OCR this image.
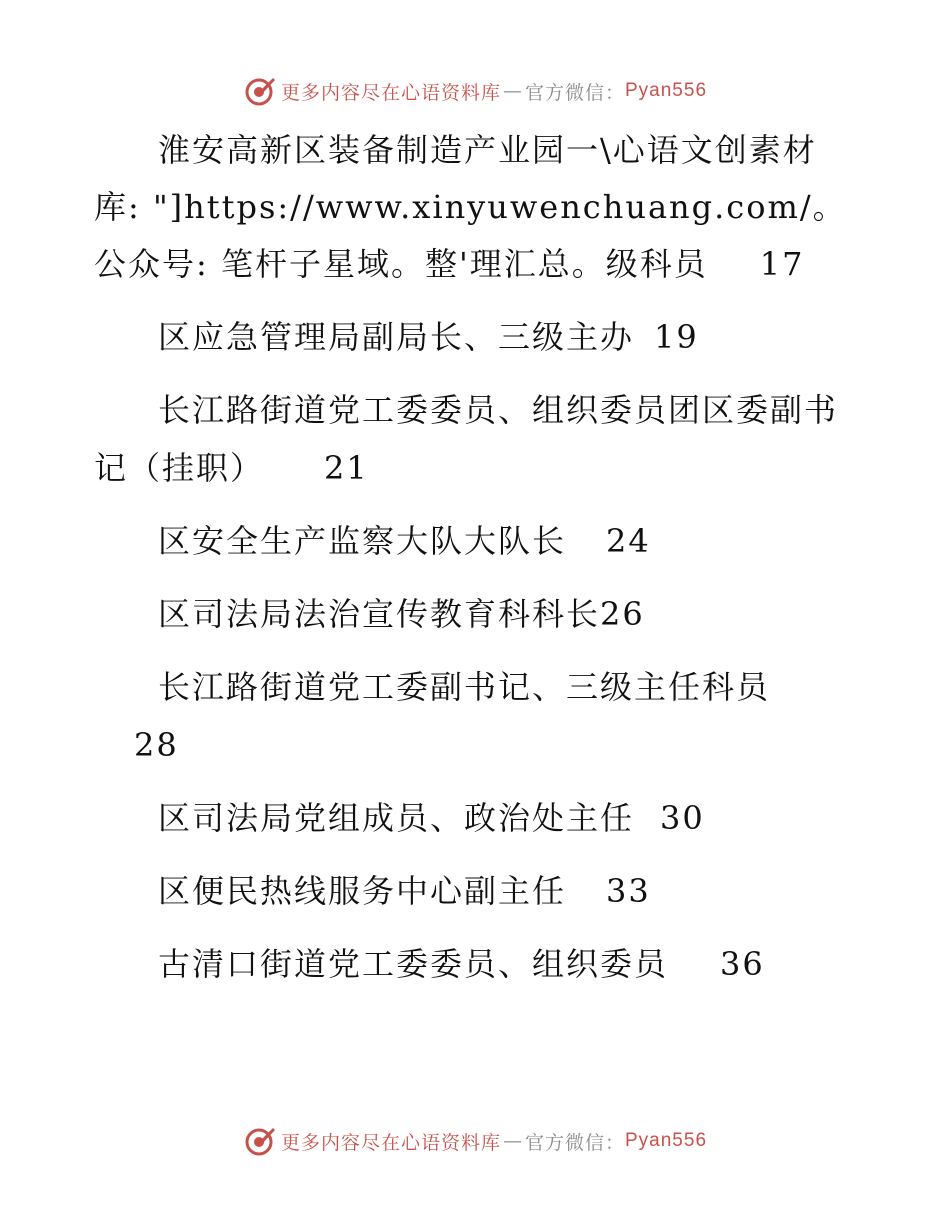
更多内容尽在心语资料库 — 官方微信： Pyan556

淮安高新区装备制造产业园一\心语文创素材库: "]https://www.xinyuwenchuang.com/。公众号: 笔杆子星域。整'理汇总。级科员 17

区应急管理局副局长、三级主办 19

长江路街道党工委委员、组织委员团区委副书记（挂职） 21

区安全生产监察大队大队长 24

区司法局法治宣传教育科科长26

长江路街道党工委副书记、三级主任科员28

区司法局党组成员、政治处主任 30

区便民热线服务中心副主任 33

古清口街道党工委委员、组织委员 36

更多内容尽在心语资料库 — 官方微信： Pyan556
